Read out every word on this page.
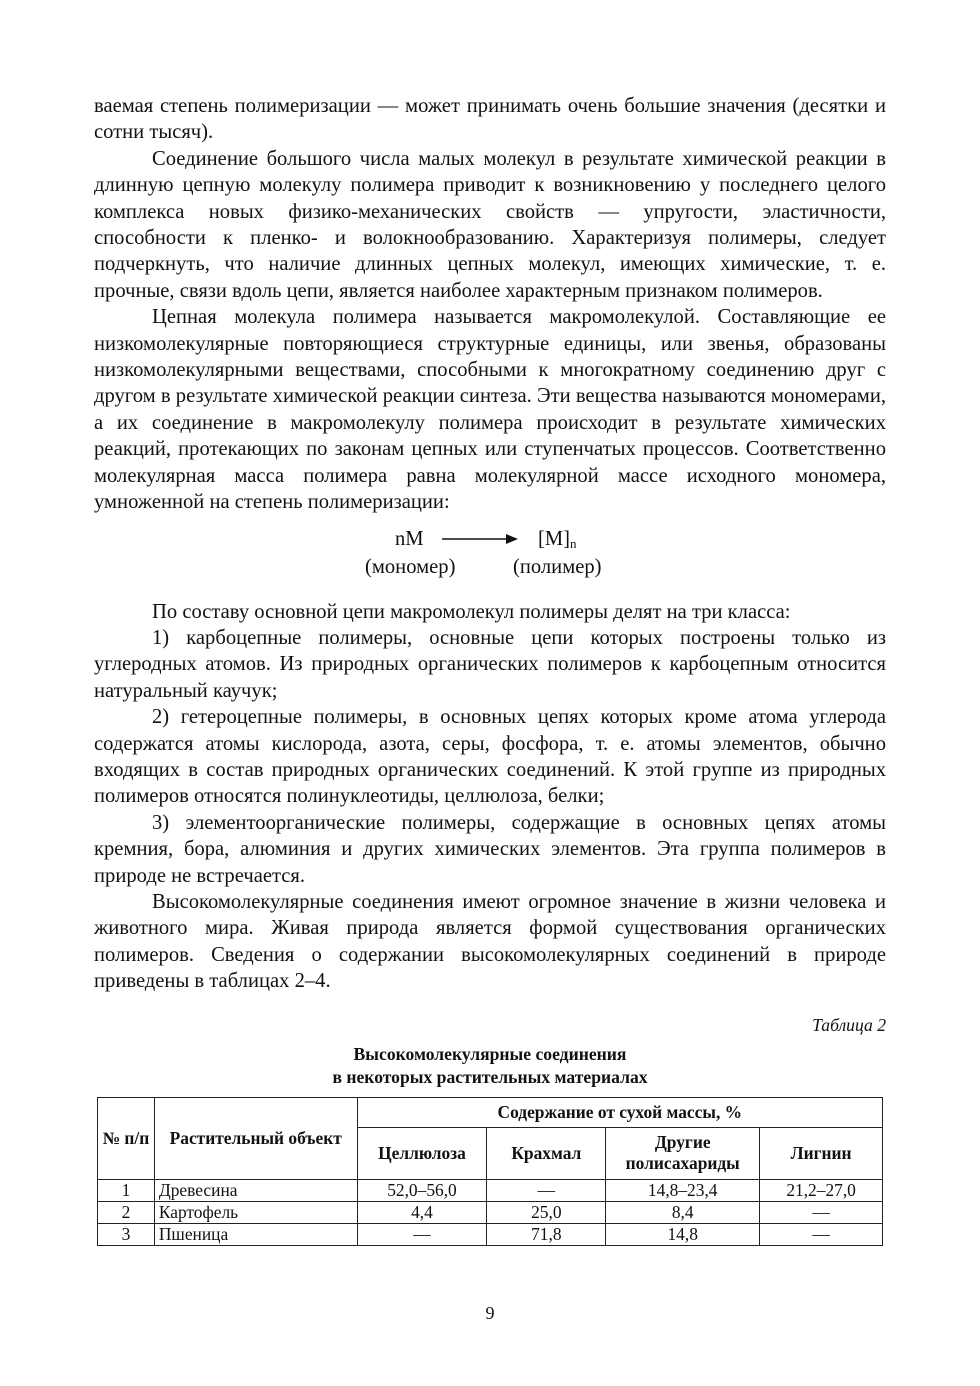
ваемая степень полимеризации — может принимать очень большие значения (десятки и сотни тысяч).

Соединение большого числа малых молекул в результате химической реакции в длинную цепную молекулу полимера приводит к возникновению у последнего целого комплекса новых физико-механических свойств — упругости, эластичности, способности к пленко- и волокнообразованию. Характеризуя полимеры, следует подчеркнуть, что наличие длинных цепных молекул, имеющих химические, т. е. прочные, связи вдоль цепи, является наиболее характерным признаком полимеров.

Цепная молекула полимера называется макромолекулой. Составляющие ее низкомолекулярные повторяющиеся структурные единицы, или звенья, образованы низкомолекулярными веществами, способными к многократному соединению друг с другом в результате химической реакции синтеза. Эти вещества называются мономерами, а их соединение в макромолекулу полимера происходит в результате химических реакций, протекающих по законам цепных или ступенчатых процессов. Соответственно молекулярная масса полимера равна молекулярной массе исходного мономера, умноженной на степень полимеризации:

nM → $[M]_n$
(мономер)	(полимер)

По составу основной цепи макромолекул полимеры делят на три класса:

1) карбоцепные полимеры, основные цепи которых построены только из углеродных атомов. Из природных органических полимеров к карбоцепным относится натуральный каучук;

2) гетероцепные полимеры, в основных цепях которых кроме атома углерода содержатся атомы кислорода, азота, серы, фосфора, т. е. атомы элементов, обычно входящих в состав природных органических соединений. К этой группе из природных полимеров относятся полинуклеотиды, целлюлоза, белки;

3) элементоорганические полимеры, содержащие в основных цепях атомы кремния, бора, алюминия и других химических элементов. Эта группа полимеров в природе не встречается.

Высокомолекулярные соединения имеют огромное значение в жизни человека и животного мира. Живая природа является формой существования органических полимеров. Сведения о содержании высокомолекулярных соединений в природе приведены в таблицах 2–4.

Таблица 2
Высокомолекулярные соединения
в некоторых растительных материалах
№ п/п	Растительный объект	Содержание от сухой массы, %			
		Целлюлоза	Крахмал	Другие полисахариды	Лигнин
1	Древесина	52,0–56,0	—	14,8–23,4	21,2–27,0
2	Картофель	4,4	25,0	8,4	—
3	Пшеница	—	71,8	14,8	—
9
